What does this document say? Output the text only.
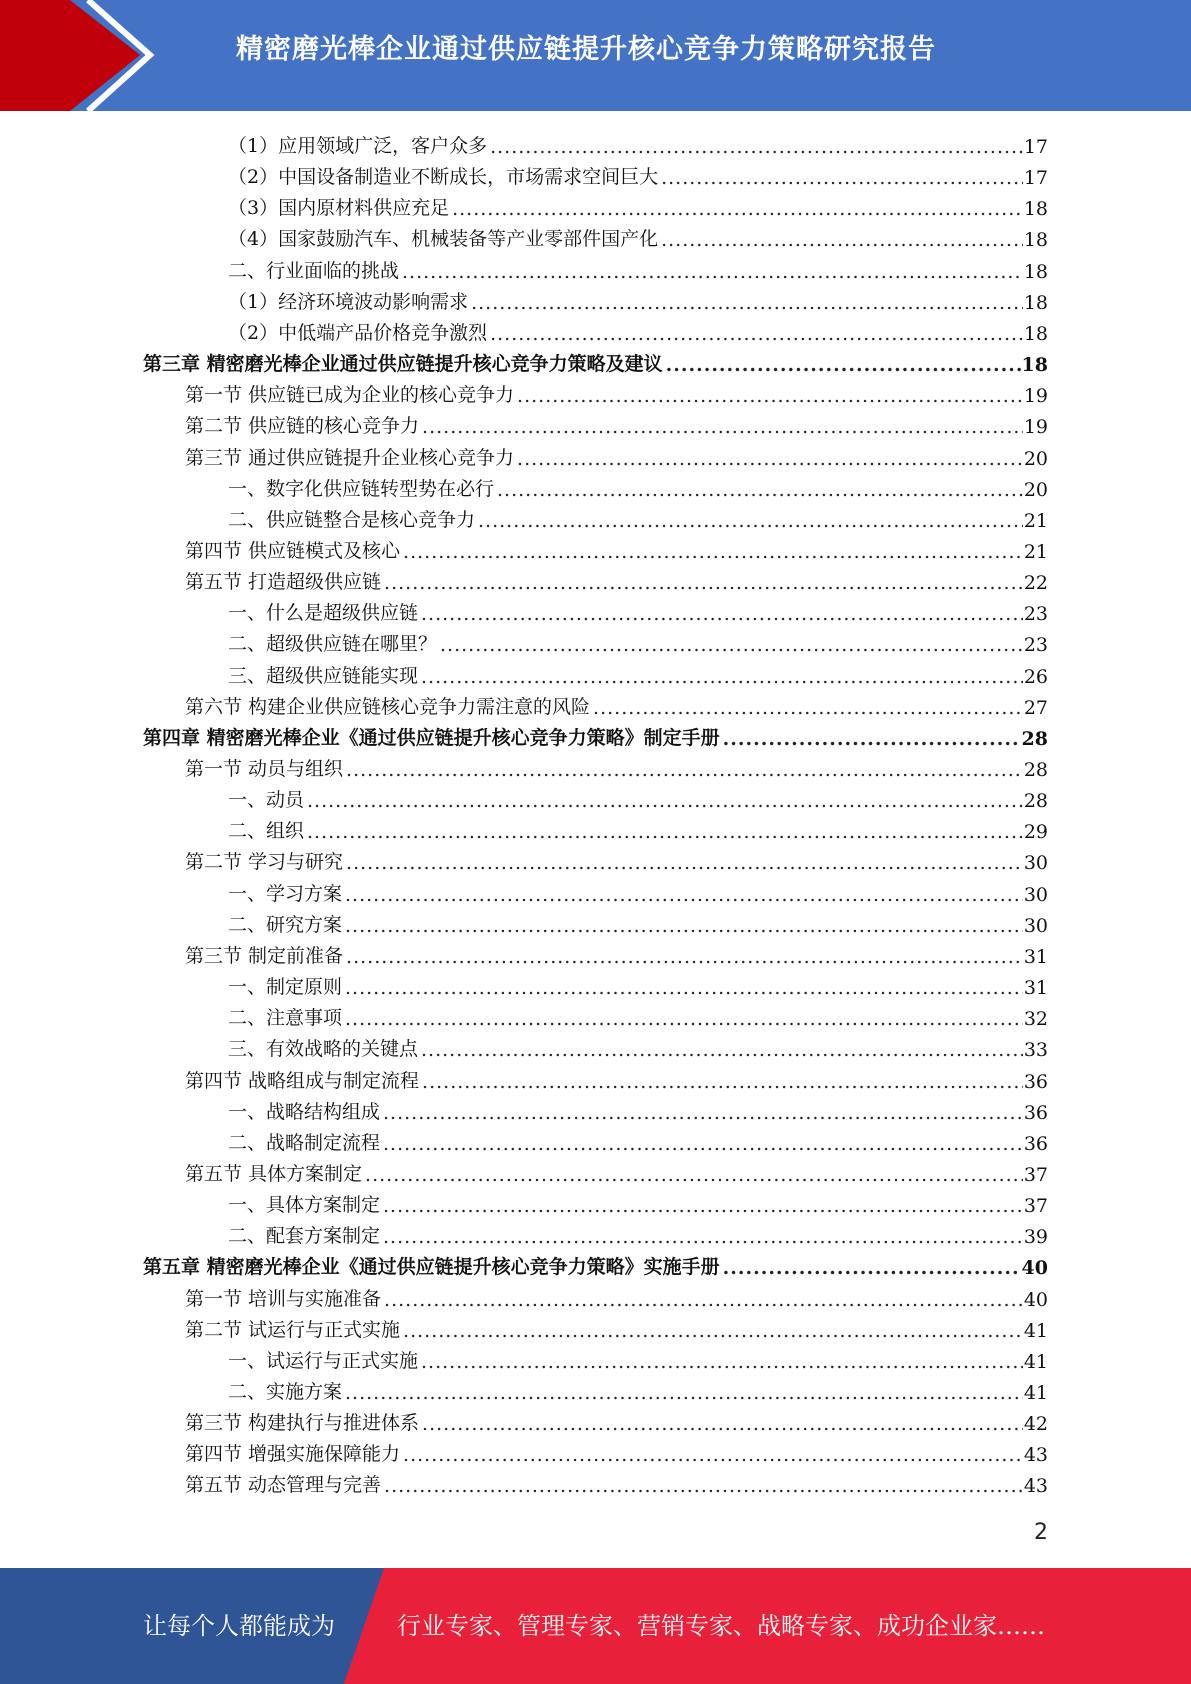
精密磨光棒企业通过供应链提升核心竞争力策略研究报告
（1）应用领域广泛，客户众多 .....	17
（2）中国设备制造业不断成长，市场需求空间巨大 .....	17
（3）国内原材料供应充足 .....	18
（4）国家鼓励汽车、机械装备等产业零部件国产化 .....	18
二、行业面临的挑战 .....	18
（1）经济环境波动影响需求 .....	18
（2）中低端产品价格竞争激烈 .....	18
第三章 精密磨光棒企业通过供应链提升核心竞争力策略及建议 .....	18
第一节 供应链已成为企业的核心竞争力 .....	19
第二节 供应链的核心竞争力 .....	19
第三节 通过供应链提升企业核心竞争力 .....	20
一、数字化供应链转型势在必行 .....	20
二、供应链整合是核心竞争力 .....	21
第四节 供应链模式及核心 .....	21
第五节 打造超级供应链 .....	22
一、什么是超级供应链 .....	23
二、超级供应链在哪里？ .....	23
三、超级供应链能实现 .....	26
第六节 构建企业供应链核心竞争力需注意的风险 .....	27
第四章 精密磨光棒企业《通过供应链提升核心竞争力策略》制定手册 .....	28
第一节 动员与组织 .....	28
一、动员 .....	28
二、组织 .....	29
第二节 学习与研究 .....	30
一、学习方案 .....	30
二、研究方案 .....	30
第三节 制定前准备 .....	31
一、制定原则 .....	31
二、注意事项 .....	32
三、有效战略的关键点 .....	33
第四节 战略组成与制定流程 .....	36
一、战略结构组成 .....	36
二、战略制定流程 .....	36
第五节 具体方案制定 .....	37
一、具体方案制定 .....	37
二、配套方案制定 .....	39
第五章 精密磨光棒企业《通过供应链提升核心竞争力策略》实施手册 .....	40
第一节 培训与实施准备 .....	40
第二节 试运行与正式实施 .....	41
一、试运行与正式实施 .....	41
二、实施方案 .....	41
第三节 构建执行与推进体系 .....	42
第四节 增强实施保障能力 .....	43
第五节 动态管理与完善 .....	43
2
让每个人都能成为	行业专家、管理专家、营销专家、战略专家、成功企业家……
